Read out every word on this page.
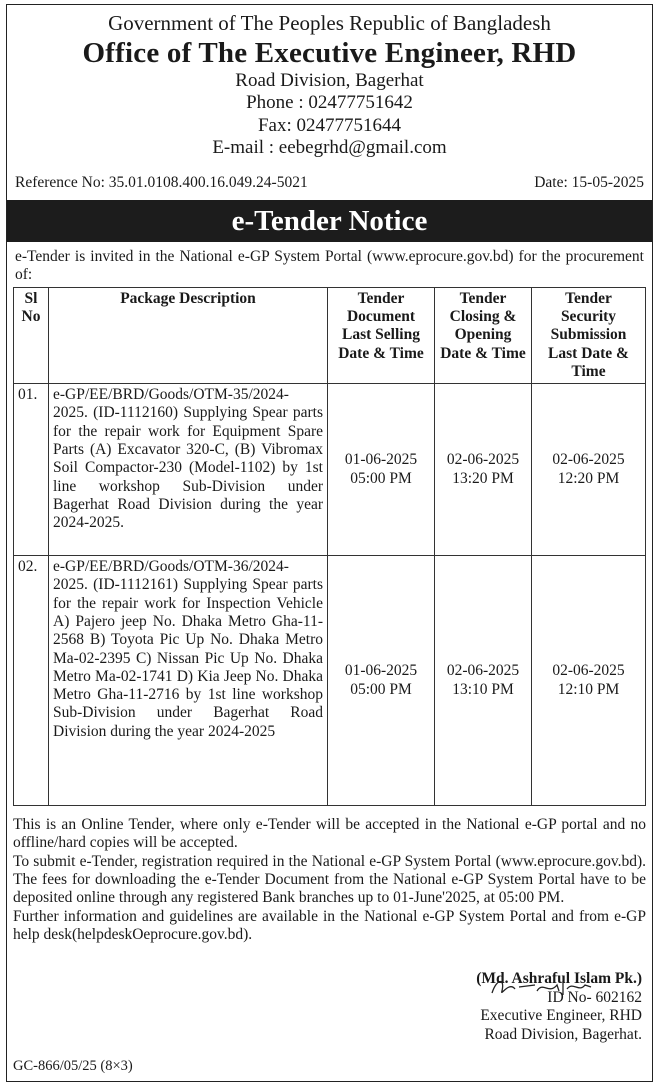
Government of The Peoples Republic of Bangladesh
Office of The Executive Engineer, RHD
Road Division, Bagerhat
Phone : 02477751642
Fax: 02477751644
E-mail : eebegrhd@gmail.com
Reference No: 35.01.0108.400.16.049.24-5021	Date: 15-05-2025
e-Tender Notice
e-Tender is invited in the National e-GP System Portal (www.eprocure.gov.bd) for the procurement of:
Sl No	Package Description	Tender Document Last Selling Date & Time	Tender Closing & Opening Date & Time	Tender Security Submission Last Date & Time
01.	e-GP/EE/BRD/Goods/OTM-35/2024-2025. (ID-1112160) Supplying Spear parts for the repair work for Equipment Spare Parts (A) Excavator 320-C, (B) Vibromax Soil Compactor-230 (Model-1102) by 1st line workshop Sub-Division under Bagerhat Road Division during the year 2024-2025.	01-06-2025 05:00 PM	02-06-2025 13:20 PM	02-06-2025 12:20 PM
02.	e-GP/EE/BRD/Goods/OTM-36/2024-2025. (ID-1112161) Supplying Spear parts for the repair work for Inspection Vehicle A) Pajero jeep No. Dhaka Metro Gha-11-2568 B) Toyota Pic Up No. Dhaka Metro Ma-02-2395 C) Nissan Pic Up No. Dhaka Metro Ma-02-1741 D) Kia Jeep No. Dhaka Metro Gha-11-2716 by 1st line workshop Sub-Division under Bagerhat Road Division during the year 2024-2025	01-06-2025 05:00 PM	02-06-2025 13:10 PM	02-06-2025 12:10 PM
This is an Online Tender, where only e-Tender will be accepted in the National e-GP portal and no offline/hard copies will be accepted.
To submit e-Tender, registration required in the National e-GP System Portal (www.eprocure.gov.bd). The fees for downloading the e-Tender Document from the National e-GP System Portal have to be deposited online through any registered Bank branches up to 01-June'2025, at 05:00 PM.
Further information and guidelines are available in the National e-GP System Portal and from e-GP help desk(helpdeskOeprocure.gov.bd).
(Md. Ashraful Islam Pk.)
ID No- 602162
Executive Engineer, RHD
Road Division, Bagerhat.
GC-866/05/25 (8×3)
